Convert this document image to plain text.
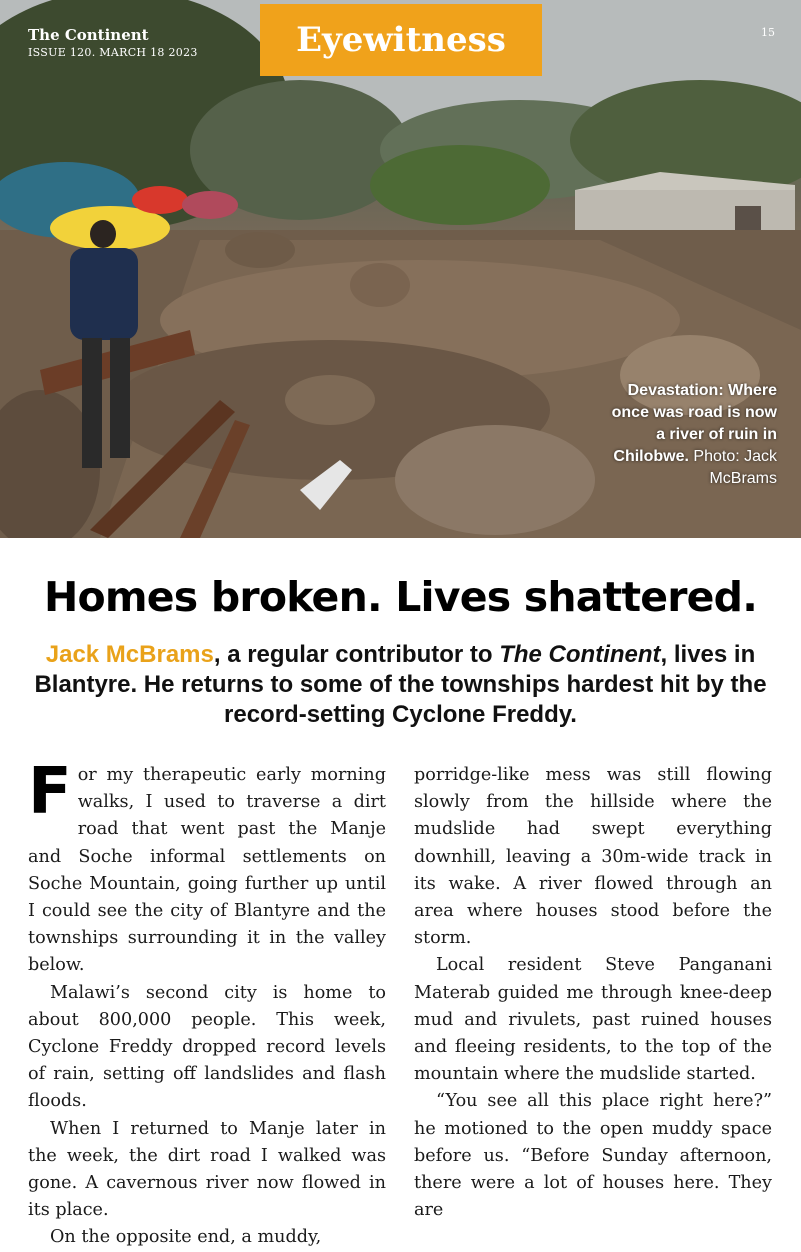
The Continent
ISSUE 120. MARCH 18 2023	Eyewitness	15
Devastation: Where once was road is now a river of ruin in Chilobwe. Photo: Jack McBrams
Homes broken. Lives shattered.
Jack McBrams, a regular contributor to The Continent, lives in Blantyre. He returns to some of the townships hardest hit by the record-setting Cyclone Freddy.

For my therapeutic early morning walks, I used to traverse a dirt road that went past the Manje and Soche informal settlements on Soche Mountain, going further up until I could see the city of Blantyre and the townships surrounding it in the valley below.

Malawi’s second city is home to about 800,000 people. This week, Cyclone Freddy dropped record levels of rain, setting off landslides and flash floods.

When I returned to Manje later in the week, the dirt road I walked was gone. A cavernous river now flowed in its place.

On the opposite end, a muddy,

porridge-like mess was still flowing slowly from the hillside where the mudslide had swept everything downhill, leaving a 30m-wide track in its wake. A river flowed through an area where houses stood before the storm.

Local resident Steve Panganani Materab guided me through knee-deep mud and rivulets, past ruined houses and fleeing residents, to the top of the mountain where the mudslide started.

“You see all this place right here?” he motioned to the open muddy space before us. “Before Sunday afternoon, there were a lot of houses here. They are
